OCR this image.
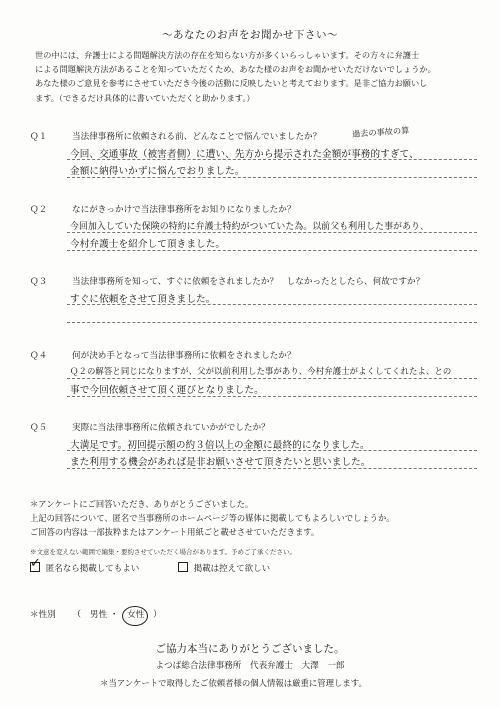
～あなたのお声をお聞かせ下さい～

世の中には、弁護士による問題解決方法の存在を知らない方が多くいらっしゃいます。その方々に弁護士

による問題解決方法があることを知っていただくため、あなた様のお声をお聞かせいただけないでしょうか。

あなた様のご意見を参考にさせていただき今後の活動に反映したいと考えております。是非ご協力お願いし

ます。（できるだけ具体的に書いていただくと助かります。）

Ｑ１	当法律事務所に依頼される前、どんなことで悩んでいましたか？
今回、交通事故（被害者側）に遭い、先方から提示された金額が事務的すぎて、
金額に納得いかずに悩んでおりました。
過去の事故の算
Ｑ２	なにがきっかけで当法律事務所をお知りになりましたか？
今回加入していた保険の特約に弁護士特約がついていた為。以前父も利用した事があり、
今村弁護士を紹介して頂きました。
Ｑ３	当法律事務所を知って、すぐに依頼をされましたか？　しなかったとしたら、何故ですか？
すぐに依頼をさせて頂きました。
Ｑ４	何が決め手となって当法律事務所に依頼をされましたか？
Ｑ２の解答と同じになりますが、父が以前利用した事があり、今村弁護士がよくしてくれたよ、との
事で今回依頼させて頂く運びとなりました。
Ｑ５	実際に当法律事務所に依頼されていかがでしたか？
大満足です。初回提示額の約３倍以上の金額に最終的になりました。
また利用する機会があれば是非お願いさせて頂きたいと思いました。

＊アンケートにご回答いただき、ありがとうございました。

上記の回答について、匿名で当事務所のホームページ等の媒体に掲載してもよろしいでしょうか。

ご回答の内容は一部抜粋またはアンケート用紙ごと載せさせていただきます。

※文意を変えない範囲で編集・要約させていただく場合があります。予めご了承ください。

✓ 匿名なら掲載してもよい	掲載は控えて欲しい
＊性別 （ 男性 ・ 女性 ）
ご協力本当にありがとうございました。
よつば総合法律事務所　代表弁護士　大澤　一郎
＊当アンケートで取得したご依頼者様の個人情報は厳重に管理します。
